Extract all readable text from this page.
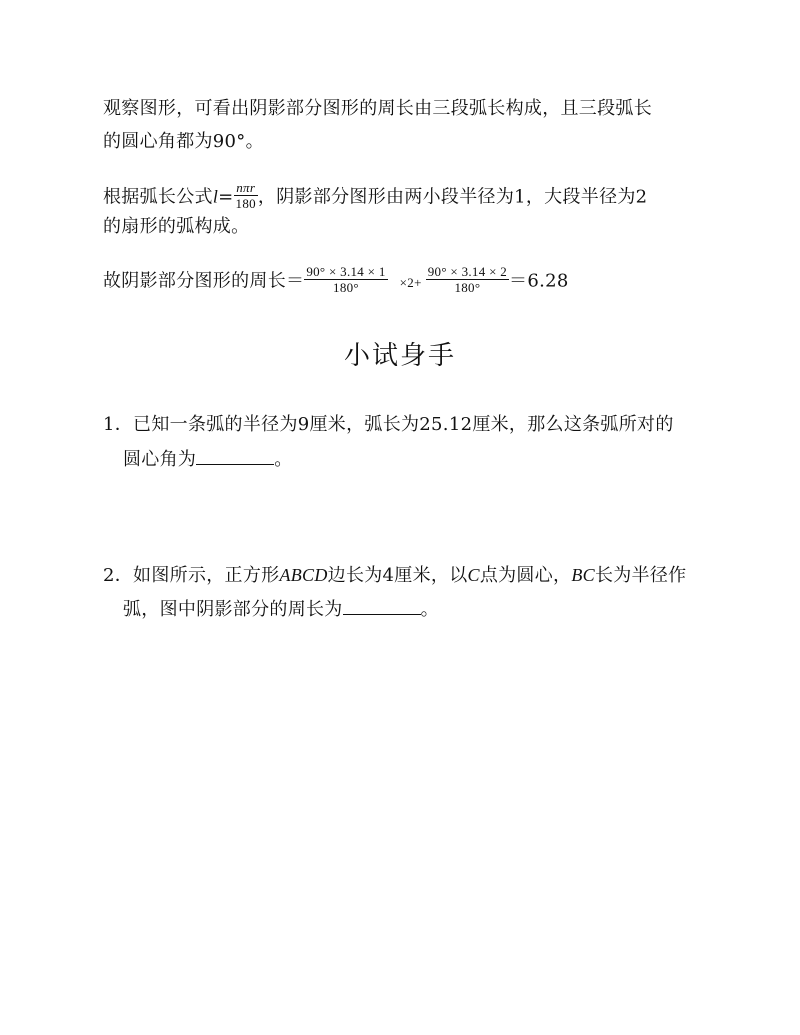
观察图形，可看出阴影部分图形的周长由三段弧长构成，且三段弧长
的圆心角都为90°。
根据弧长公式$l= \frac{\text{nπr}}{180}$ ，阴影部分图形由两小段半径为1，大段半径为2
的扇形的弧构成。
故阴影部分图形的周长＝ $\frac{90^\circ \times 3.14 \times 1}{180^\circ} \times 2+ \frac{90^\circ \times 3.14 \times 2}{180^\circ} =6.28$
小试身手
1．已知一条弧的半径为9厘米，弧长为25.12厘米，那么这条弧所对的
圆心角为	。
2．如图所示，正方形ABCD边长为4厘米，以C点为圆心，BC长为半径作
弧，图中阴影部分的周长为	。
